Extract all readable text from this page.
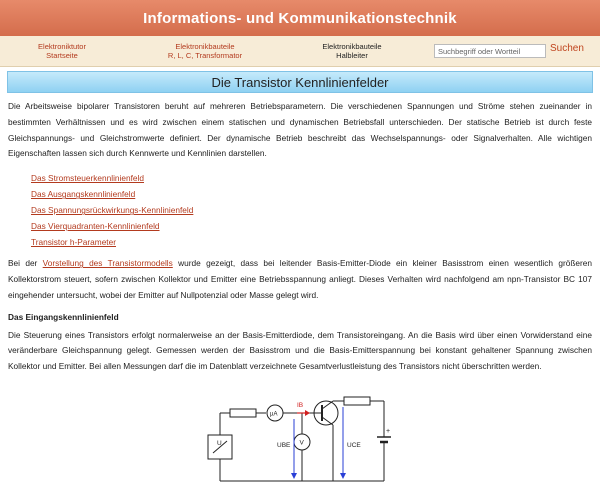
Informations- und Kommunikationstechnik
Elektroniktutor
Startseite
Elektronikbauteile
R, L, C, Transformator
Elektronikbauteile
Halbleiter
Suchbegriff oder Wortteil
Suchen
Die Transistor Kennlinienfelder

Die Arbeitsweise bipolarer Transistoren beruht auf mehreren Betriebsparametern. Die verschiedenen Spannungen und Ströme stehen zueinander in bestimmten Verhältnissen und es wird zwischen einem statischen und dynamischen Betriebsfall unterschieden. Der statische Betrieb ist durch feste Gleichspannungs- und Gleichstromwerte definiert. Der dynamische Betrieb beschreibt das Wechselspannungs- oder Signalverhalten. Alle wichtigen Eigenschaften lassen sich durch Kennwerte und Kennlinien darstellen.

Das Stromsteuerkennlinienfeld
Das Ausgangskennlinienfeld
Das Spannungsrückwirkungs-Kennlinienfeld
Das Vierquadranten-Kennlinienfeld
Transistor h-Parameter

Bei der Vorstellung des Transistormodells wurde gezeigt, dass bei leitender Basis-Emitter-Diode ein kleiner Basisstrom einen wesentlich größeren Kollektorstrom steuert, sofern zwischen Kollektor und Emitter eine Betriebsspannung anliegt. Dieses Verhalten wird nachfolgend am npn-Transistor BC 107 eingehender untersucht, wobei der Emitter auf Nullpotenzial oder Masse gelegt wird.

Das Eingangskennlinienfeld

Die Steuerung eines Transistors erfolgt normalerweise an der Basis-Emitterdiode, dem Transistoreingang. An die Basis wird über einen Vorwiderstand eine veränderbare Gleichspannung gelegt. Gemessen werden der Basisstrom und die Basis-Emitterspannung bei konstant gehaltener Spannung zwischen Kollektor und Emitter. Bei allen Messungen darf die im Datenblatt verzeichnete Gesamtverlustleistung des Transistors nicht überschritten werden.

U
µA
IB
V
UBE	UCE
+
